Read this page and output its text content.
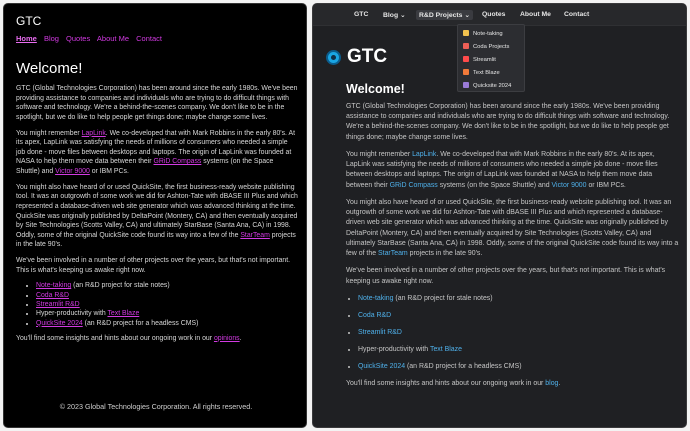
GTC
Home Blog Quotes About Me Contact
Welcome!

GTC (Global Technologies Corporation) has been around since the early 1980s. We've been providing assistance to companies and individuals who are trying to do difficult things with software and technology. We're a behind-the-scenes company. We don't like to be in the spotlight, but we do like to help people get things done; maybe change some lives.

You might remember LapLink. We co-developed that with Mark Robbins in the early 80's. At its apex, LapLink was satisfying the needs of millions of consumers who needed a simple job done - move files between desktops and laptops. The origin of LapLink was founded at NASA to help them move data between their GRiD Compass systems (on the Space Shuttle) and Victor 9000 or IBM PCs.

You might also have heard of or used QuickSite, the first business-ready website publishing tool. It was an outgrowth of some work we did for Ashton-Tate with dBASE III Plus and which represented a database-driven web site generator which was advanced thinking at the time. QuickSite was originally published by DeltaPoint (Montery, CA) and then eventually acquired by Site Technologies (Scotts Valley, CA) and ultimately StarBase (Santa Ana, CA) in 1998. Oddly, some of the original QuickSite code found its way into a few of the StarTeam projects in the late 90's.

We've been involved in a number of other projects over the years, but that's not important. This is what's keeping us awake right now.

• Note-taking (an R&D project for stale notes)
• Coda R&D
• Streamlit R&D
• Hyper-productivity with Text Blaze
• QuickSite 2024 (an R&D project for a headless CMS)

You'll find some insights and hints about our ongoing work in our opinions.

© 2023 Global Technologies Corporation. All rights reserved.
GTC Blog ⌄	R&D Projects ⌄	Quotes About Me Contact
Note-taking
Coda Projects
Streamlit
Text Blaze
Quicksite 2024
GTC
Welcome!

GTC (Global Technologies Corporation) has been around since the early 1980s. We've been providing assistance to companies and individuals who are trying to do difficult things with software and technology. We're a behind-the-scenes company. We don't like to be in the spotlight, but we do like to help people get things done; maybe change some lives.

You might remember LapLink. We co-developed that with Mark Robbins in the early 80's. At its apex, LapLink was satisfying the needs of millions of consumers who needed a simple job done - move files between desktops and laptops. The origin of LapLink was founded at NASA to help them move data between their GRiD Compass systems (on the Space Shuttle) and Victor 9000 or IBM PCs.

You might also have heard of or used QuickSite, the first business-ready website publishing tool. It was an outgrowth of some work we did for Ashton-Tate with dBASE III Plus and which represented a database-driven web site generator which was advanced thinking at the time. QuickSite was originally published by DeltaPoint (Montery, CA) and then eventually acquired by Site Technologies (Scotts Valley, CA) and ultimately StarBase (Santa Ana, CA) in 1998. Oddly, some of the original QuickSite code found its way into a few of the StarTeam projects in the late 90's.

We've been involved in a number of other projects over the years, but that's not important. This is what's keeping us awake right now.

• Note-taking (an R&D project for stale notes)
• Coda R&D
• Streamlit R&D
• Hyper-productivity with Text Blaze
• QuickSite 2024 (an R&D project for a headless CMS)

You'll find some insights and hints about our ongoing work in our blog.
